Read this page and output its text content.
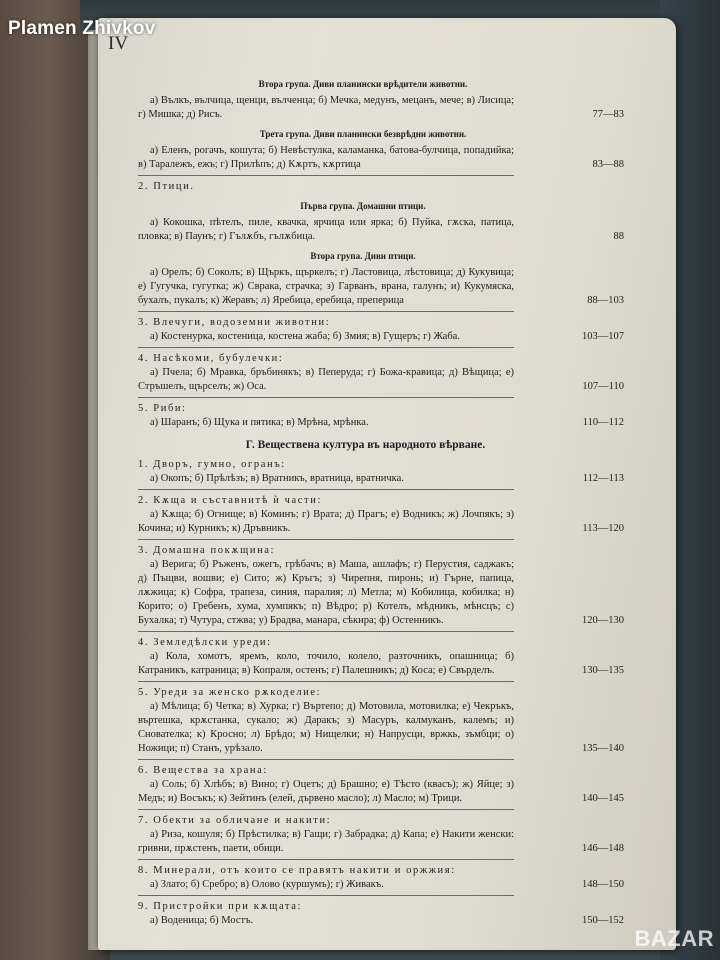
Plamen Zhivkov
IV
BAZAR
Втора група. Диви планински врѣдители животни.
а) Вълкъ, вълчица, щенци, вълченца; б) Мечка, медунъ, мецанъ, мече; в) Лисица; г) Мишка; д) Рисъ.	77—83
Трета група. Диви планински безврѣдни животни.
а) Еленъ, рогачъ, кошута; б) Невѣстулка, каламанка, батова-булчица, попадийка; в) Таралежъ, ежъ; г) Прилѣпъ; д) Кѫртъ, кѫртица	83—88
2. Птици.
Първа група. Домашни птици.
а) Кокошка, пѣтелъ, пиле, квачка, ярчица или ярка; б) Пуйка, гѫска, патица, пловка; в) Паунъ; г) Гълѫбъ, гълѫбица.	88
Втора група. Диви птици.
а) Орелъ; б) Соколъ; в) Щъркъ, щъркелъ; г) Ластовица, лѣстовица; д) Кукувица; е) Гугучка, гугутка; ж) Сврака, страчка; з) Гарванъ, врана, галунъ; и) Кукумяска, бухалъ, пукалъ; к) Жеравъ; л) Яребица, еребица, преперица	88—103
3. Влечуги, водоземни животни:
а) Костенурка, костеница, костена жаба; б) Змия; в) Гущеръ; г) Жаба.	103—107
4. Насѣкоми, бубулечки:
а) Пчела; б) Мравка, бръбинякъ; в) Пеперуда; г) Божа-кравица; д) Вѣщица; е) Стръшелъ, щърселъ; ж) Оса.	107—110
5. Риби:
а) Шаранъ; б) Щука и пятика; в) Мрѣна, мрѣнка.	110—112
Г. Веществена култура въ народното вѣрване.
1. Дворъ, гумно, огранъ:
а) Окопъ; б) Прѣлѣзъ; в) Вратникъ, вратница, вратничка.	112—113
2. Кѫща и съставнитѣ ѝ части:
а) Кѫща; б) Огнище; в) Коминъ; г) Врата; д) Прагъ; е) Водникъ; ж) Лочпякъ; з) Кочина; и) Курникъ; к) Дръвникъ.	113—120
3. Домашна покѫщина:
а) Верига; б) Ръженъ, ожегъ, грѣбачъ; в) Маша, ашлафъ; г) Перустия, саджакъ; д) Пъщви, вошви; е) Сито; ж) Кръгъ; з) Чирепня, пиронь; и) Гърне, папица, лѫжица; к) Софра, трапеза, синия, паралия; л) Метла; м) Кобилица, кобилка; н) Корито; о) Гребенъ, хума, хумпякъ; п) Вѣдро; р) Котелъ, мѣдникъ, мѣнсцъ; с) Бухалка; т) Чутура, стжва; у) Брадва, манара, сѣкира; ф) Остенникъ.	120—130
4. Земледѣлски уреди:
а) Кола, хомотъ, яремъ, коло, точило, колело, разточникъ, опашница; б) Катраникъ, катраница; в) Копраля, остенъ; г) Палешникъ; д) Коса; е) Свърделъ.	130—135
5. Уреди за женско рѫкоделие:
а) Мѣлица; б) Четка; в) Хурка; г) Въртепо; д) Мотовила, мотовилка; е) Чекръкъ, въртешка, крѫстанка, сукало; ж) Даракъ; з) Масуръ, калмуканъ, калемъ; и) Снователка; к) Кросно; л) Брѣдо; м) Нищелки; н) Напрусци, вржкь, зъмбци; о) Ножици; п) Станъ, урѣзало.	135—140
6. Вещества за храна:
а) Соль; б) Хлѣбъ; в) Вино; г) Оцетъ; д) Брашно; е) Тѣсто (квасъ); ж) Яйце; з) Медъ; и) Восъкъ; к) Зейтинъ (елей, дървено масло); л) Масло; м) Трици.	140—145
7. Обекти за обличане и накити:
а) Риза, кошуля; б) Прѣстилка; в) Гащи; г) Забрадка; д) Капа; е) Накити женски: гривни, прѫстенъ, паети, обици.	146—148
8. Минерали, отъ които се правятъ накити и оржжия:
а) Злато; б) Сребро; в) Олово (куршумъ); г) Живакъ.	148—150
9. Пристройки при кѫщата:
а) Воденица; б) Мостъ.	150—152
